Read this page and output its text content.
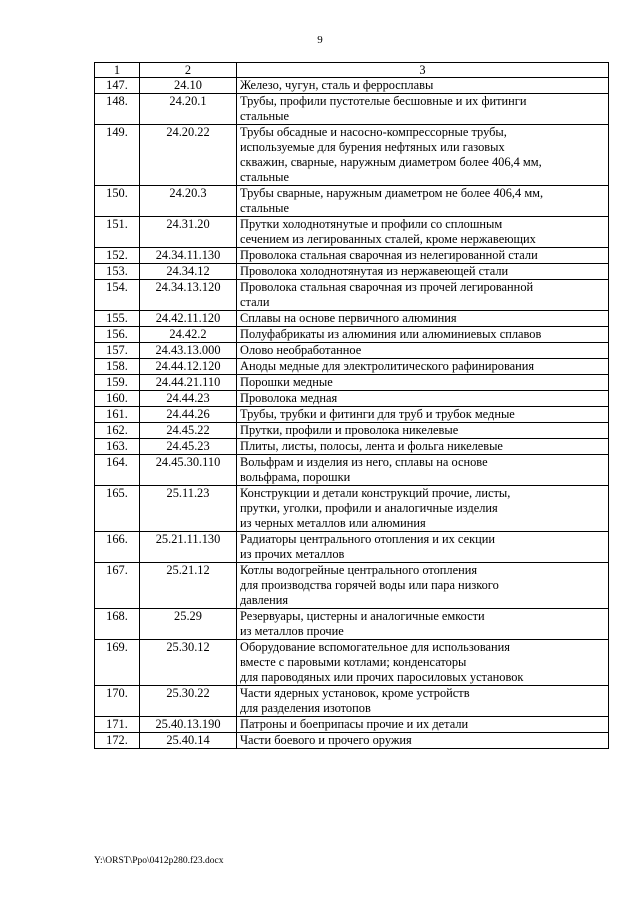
9
1	2	3
147.	24.10	Железо, чугун, сталь и ферросплавы

148.	24.20.1	Трубы, профили пустотелые бесшовные и их фитинги
стальные

149.	24.20.22	Трубы обсадные и насосно-компрессорные трубы,
используемые для бурения нефтяных или газовых
скважин, сварные, наружным диаметром более 406,4 мм,
стальные

150.	24.20.3	Трубы сварные, наружным диаметром не более 406,4 мм,
стальные

151.	24.31.20	Прутки холоднотянутые и профили со сплошным
сечением из легированных сталей, кроме нержавеющих

152.	24.34.11.130	Проволока стальная сварочная из нелегированной стали

153.	24.34.12	Проволока холоднотянутая из нержавеющей стали

154.	24.34.13.120	Проволока стальная сварочная из прочей легированной
стали

155.	24.42.11.120	Сплавы на основе первичного алюминия

156.	24.42.2	Полуфабрикаты из алюминия или алюминиевых сплавов

157.	24.43.13.000	Олово необработанное

158.	24.44.12.120	Аноды медные для электролитического рафинирования

159.	24.44.21.110	Порошки медные

160.	24.44.23	Проволока медная

161.	24.44.26	Трубы, трубки и фитинги для труб и трубок медные

162.	24.45.22	Прутки, профили и проволока никелевые

163.	24.45.23	Плиты, листы, полосы, лента и фольга никелевые

164.	24.45.30.110	Вольфрам и изделия из него, сплавы на основе
вольфрама, порошки

165.	25.11.23	Конструкции и детали конструкций прочие, листы,
прутки, уголки, профили и аналогичные изделия
из черных металлов или алюминия

166.	25.21.11.130	Радиаторы центрального отопления и их секции
из прочих металлов

167.	25.21.12	Котлы водогрейные центрального отопления
для производства горячей воды или пара низкого
давления

168.	25.29	Резервуары, цистерны и аналогичные емкости
из металлов прочие

169.	25.30.12	Оборудование вспомогательное для использования
вместе с паровыми котлами; конденсаторы
для пароводяных или прочих паросиловых установок

170.	25.30.22	Части ядерных установок, кроме устройств
для разделения изотопов

171.	25.40.13.190	Патроны и боеприпасы прочие и их детали

172.	25.40.14	Части боевого и прочего оружия
Y:\ORST\Ppo\0412p280.f23.docx
